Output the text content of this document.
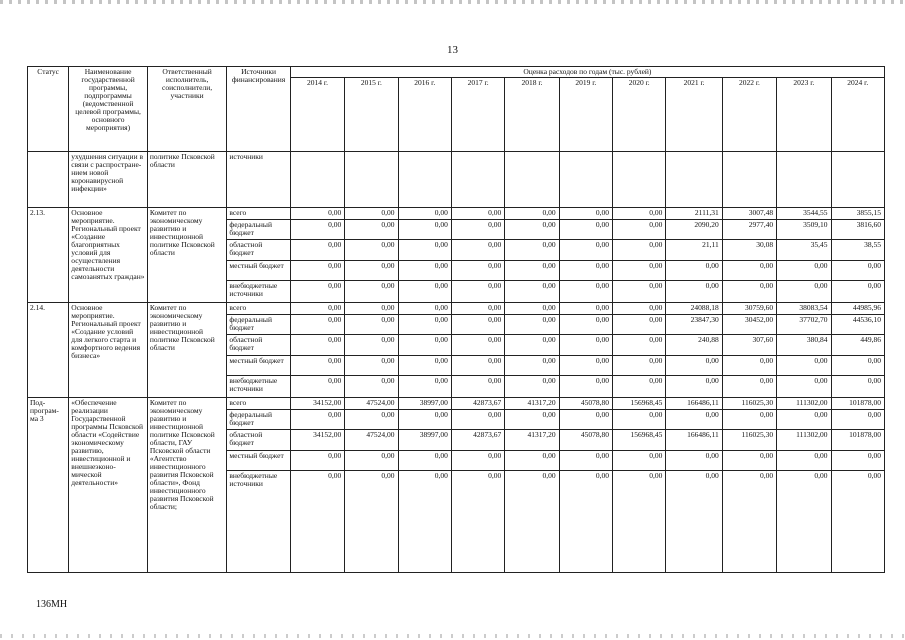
13
Статус	Наименование государственной программы, подпрограммы (ведомственной целевой программы, основного мероприятия)	Ответственный исполнитель, соисполнители, участники	Источники финансирования	Оценка расходов по годам (тыс. рублей)										
				2014 г.	2015 г.	2016 г.	2017 г.	2018 г.	2019 г.	2020 г.	2021 г.	2022 г.	2023 г.	2024 г.
	ухудшения ситуации в связи с распростране-нием новой коронавирусной инфекции»	политике Псковской области	источники											
2.13.	Основное мероприятие. Региональный проект «Создание благоприятных условий для осуществления деятельности самозанятых граждан»	Комитет по экономическому развитию и инвестиционной политике Псковской области	всего	0,00	0,00	0,00	0,00	0,00	0,00	0,00	2111,31	3007,48	3544,55	3855,15
			федеральный бюджет	0,00	0,00	0,00	0,00	0,00	0,00	0,00	2090,20	2977,40	3509,10	3816,60
			областной бюджет	0,00	0,00	0,00	0,00	0,00	0,00	0,00	21,11	30,08	35,45	38,55
			местный бюджет	0,00	0,00	0,00	0,00	0,00	0,00	0,00	0,00	0,00	0,00	0,00
			внебюджетные источники	0,00	0,00	0,00	0,00	0,00	0,00	0,00	0,00	0,00	0,00	0,00
2.14.	Основное мероприятие. Региональный проект «Создание условий для легкого старта и комфортного ведения бизнеса»	Комитет по экономическому развитию и инвестиционной политике Псковской области	всего	0,00	0,00	0,00	0,00	0,00	0,00	0,00	24088,18	30759,60	38083,54	44985,96
			федеральный бюджет	0,00	0,00	0,00	0,00	0,00	0,00	0,00	23847,30	30452,00	37702,70	44536,10
			областной бюджет	0,00	0,00	0,00	0,00	0,00	0,00	0,00	240,88	307,60	380,84	449,86
			местный бюджет	0,00	0,00	0,00	0,00	0,00	0,00	0,00	0,00	0,00	0,00	0,00
			внебюджетные источники	0,00	0,00	0,00	0,00	0,00	0,00	0,00	0,00	0,00	0,00	0,00
Под-програм-ма 3	«Обеспечение реализации Государственной программы Псковской области «Содействие экономическому развитию, инвестиционной и внешнеэконо-мической деятельности»	Комитет по экономическому развитию и инвестиционной политике Псковской области, ГАУ Псковской области «Агентство инвестиционного развития Псковской области», Фонд инвестиционного развития Псковской области;	всего	34152,00	47524,00	38997,00	42873,67	41317,20	45078,80	156968,45	166486,11	116025,30	111302,00	101878,00
			федеральный бюджет	0,00	0,00	0,00	0,00	0,00	0,00	0,00	0,00	0,00	0,00	0,00
			областной бюджет	34152,00	47524,00	38997,00	42873,67	41317,20	45078,80	156968,45	166486,11	116025,30	111302,00	101878,00
			местный бюджет	0,00	0,00	0,00	0,00	0,00	0,00	0,00	0,00	0,00	0,00	0,00
			внебюджетные источники	0,00	0,00	0,00	0,00	0,00	0,00	0,00	0,00	0,00	0,00	0,00
136МН
